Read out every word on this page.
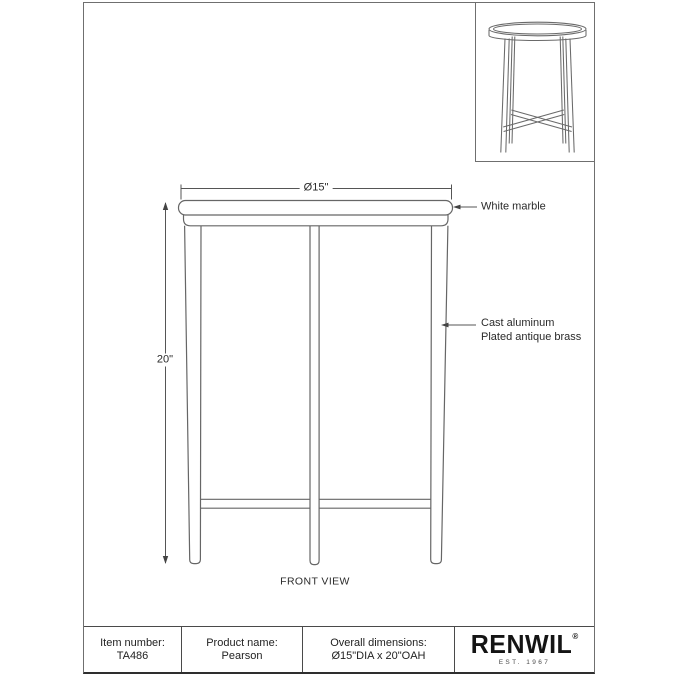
Item number:
TA486
Product name:
Pearson
Overall dimensions:
Ø15"DIA x 20"OAH RENWIL®
EST. 1967
Ø15"
20"
White marble
Cast aluminum
Plated antique brass
FRONT VIEW
